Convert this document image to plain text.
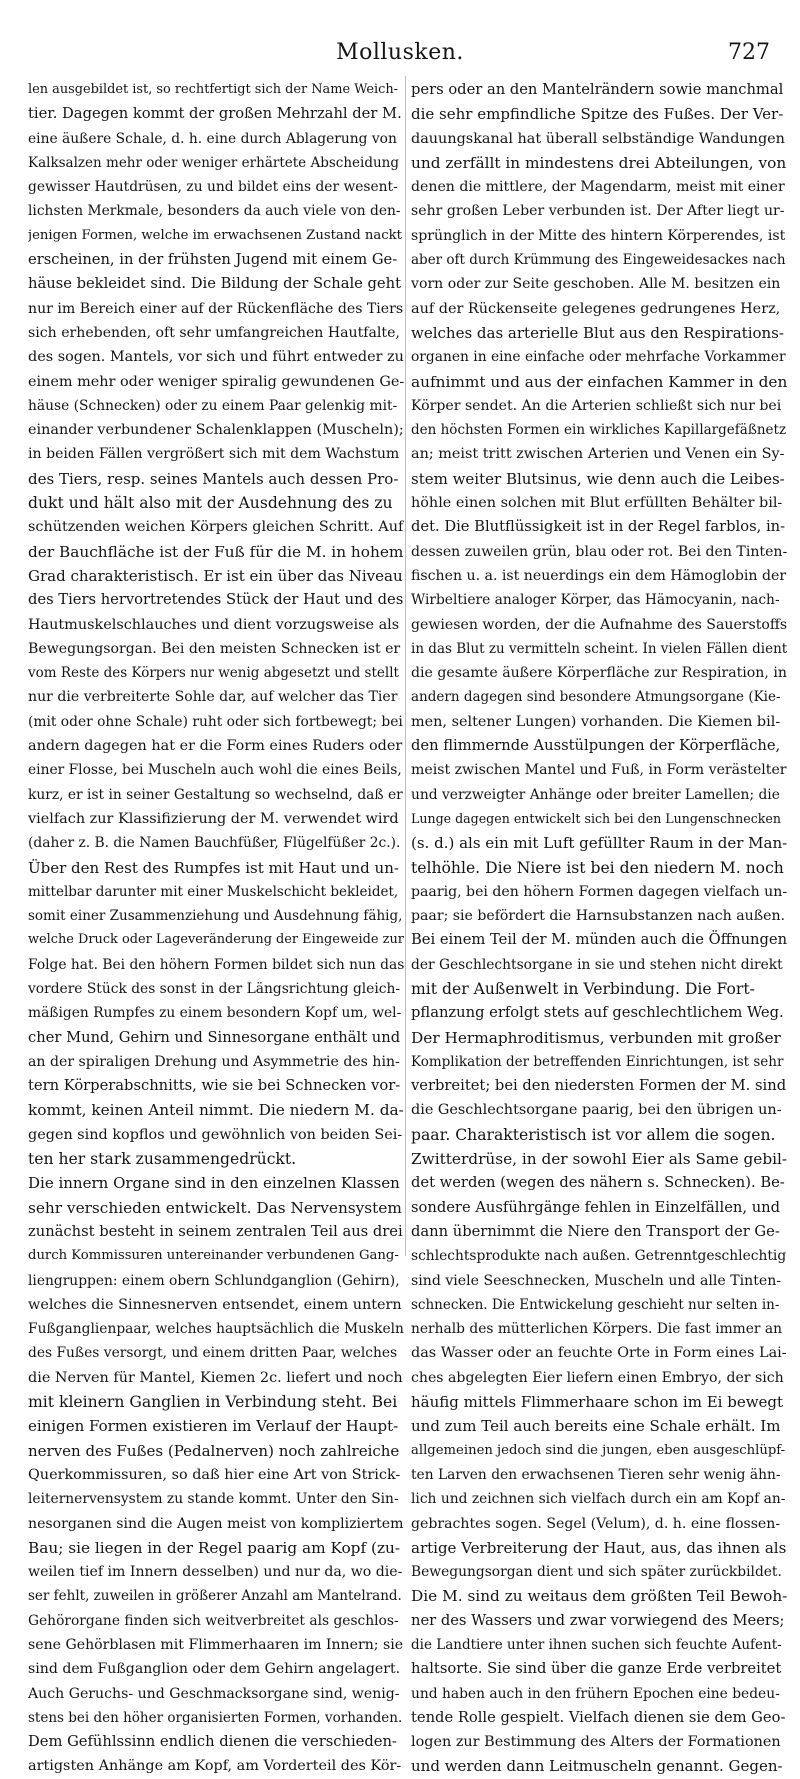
Mollusken.	727
len ausgebildet ist, so rechtfertigt sich der Name Weich-
tier. Dagegen kommt der großen Mehrzahl der M.
eine äußere Schale, d. h. eine durch Ablagerung von
Kalksalzen mehr oder weniger erhärtete Abscheidung
gewisser Hautdrüsen, zu und bildet eins der wesent-
lichsten Merkmale, besonders da auch viele von den-
jenigen Formen, welche im erwachsenen Zustand nackt
erscheinen, in der frühsten Jugend mit einem Ge-
häuse bekleidet sind. Die Bildung der Schale geht
nur im Bereich einer auf der Rückenfläche des Tiers
sich erhebenden, oft sehr umfangreichen Hautfalte,
des sogen. Mantels, vor sich und führt entweder zu
einem mehr oder weniger spiralig gewundenen Ge-
häuse (Schnecken) oder zu einem Paar gelenkig mit-
einander verbundener Schalenklappen (Muscheln);
in beiden Fällen vergrößert sich mit dem Wachstum
des Tiers, resp. seines Mantels auch dessen Pro-
dukt und hält also mit der Ausdehnung des zu
schützenden weichen Körpers gleichen Schritt. Auf
der Bauchfläche ist der Fuß für die M. in hohem
Grad charakteristisch. Er ist ein über das Niveau
des Tiers hervortretendes Stück der Haut und des
Hautmuskelschlauches und dient vorzugsweise als
Bewegungsorgan. Bei den meisten Schnecken ist er
vom Reste des Körpers nur wenig abgesetzt und stellt
nur die verbreiterte Sohle dar, auf welcher das Tier
(mit oder ohne Schale) ruht oder sich fortbewegt; bei
andern dagegen hat er die Form eines Ruders oder
einer Flosse, bei Muscheln auch wohl die eines Beils,
kurz, er ist in seiner Gestaltung so wechselnd, daß er
vielfach zur Klassifizierung der M. verwendet wird
(daher z. B. die Namen Bauchfüßer, Flügelfüßer 2c.).
Über den Rest des Rumpfes ist mit Haut und un-
mittelbar darunter mit einer Muskelschicht bekleidet,
somit einer Zusammenziehung und Ausdehnung fähig,
welche Druck oder Lageveränderung der Eingeweide zur
Folge hat. Bei den höhern Formen bildet sich nun das
vordere Stück des sonst in der Längsrichtung gleich-
mäßigen Rumpfes zu einem besondern Kopf um, wel-
cher Mund, Gehirn und Sinnesorgane enthält und
an der spiraligen Drehung und Asymmetrie des hin-
tern Körperabschnitts, wie sie bei Schnecken vor-
kommt, keinen Anteil nimmt. Die niedern M. da-
gegen sind kopflos und gewöhnlich von beiden Sei-
ten her stark zusammengedrückt.
Die innern Organe sind in den einzelnen Klassen
sehr verschieden entwickelt. Das Nervensystem
zunächst besteht in seinem zentralen Teil aus drei
durch Kommissuren untereinander verbundenen Gang-
liengruppen: einem obern Schlundganglion (Gehirn),
welches die Sinnesnerven entsendet, einem untern
Fußganglienpaar, welches hauptsächlich die Muskeln
des Fußes versorgt, und einem dritten Paar, welches
die Nerven für Mantel, Kiemen 2c. liefert und noch
mit kleinern Ganglien in Verbindung steht. Bei
einigen Formen existieren im Verlauf der Haupt-
nerven des Fußes (Pedalnerven) noch zahlreiche
Querkommissuren, so daß hier eine Art von Strick-
leiternervensystem zu stande kommt. Unter den Sin-
nesorganen sind die Augen meist von kompliziertem
Bau; sie liegen in der Regel paarig am Kopf (zu-
weilen tief im Innern desselben) und nur da, wo die-
ser fehlt, zuweilen in größerer Anzahl am Mantelrand.
Gehörorgane finden sich weitverbreitet als geschlos-
sene Gehörblasen mit Flimmerhaaren im Innern; sie
sind dem Fußganglion oder dem Gehirn angelagert.
Auch Geruchs- und Geschmacksorgane sind, wenig-
stens bei den höher organisierten Formen, vorhanden.
Dem Gefühlssinn endlich dienen die verschieden-
artigsten Anhänge am Kopf, am Vorderteil des Kör-
pers oder an den Mantelrändern sowie manchmal
die sehr empfindliche Spitze des Fußes. Der Ver-
dauungskanal hat überall selbständige Wandungen
und zerfällt in mindestens drei Abteilungen, von
denen die mittlere, der Magendarm, meist mit einer
sehr großen Leber verbunden ist. Der After liegt ur-
sprünglich in der Mitte des hintern Körperendes, ist
aber oft durch Krümmung des Eingeweidesackes nach
vorn oder zur Seite geschoben. Alle M. besitzen ein
auf der Rückenseite gelegenes gedrungenes Herz,
welches das arterielle Blut aus den Respirations-
organen in eine einfache oder mehrfache Vorkammer
aufnimmt und aus der einfachen Kammer in den
Körper sendet. An die Arterien schließt sich nur bei
den höchsten Formen ein wirkliches Kapillargefäßnetz
an; meist tritt zwischen Arterien und Venen ein Sy-
stem weiter Blutsinus, wie denn auch die Leibes-
höhle einen solchen mit Blut erfüllten Behälter bil-
det. Die Blutflüssigkeit ist in der Regel farblos, in-
dessen zuweilen grün, blau oder rot. Bei den Tinten-
fischen u. a. ist neuerdings ein dem Hämoglobin der
Wirbeltiere analoger Körper, das Hämocyanin, nach-
gewiesen worden, der die Aufnahme des Sauerstoffs
in das Blut zu vermitteln scheint. In vielen Fällen dient
die gesamte äußere Körperfläche zur Respiration, in
andern dagegen sind besondere Atmungsorgane (Kie-
men, seltener Lungen) vorhanden. Die Kiemen bil-
den flimmernde Ausstülpungen der Körperfläche,
meist zwischen Mantel und Fuß, in Form verästelter
und verzweigter Anhänge oder breiter Lamellen; die
Lunge dagegen entwickelt sich bei den Lungenschnecken
(s. d.) als ein mit Luft gefüllter Raum in der Man-
telhöhle. Die Niere ist bei den niedern M. noch
paarig, bei den höhern Formen dagegen vielfach un-
paar; sie befördert die Harnsubstanzen nach außen.
Bei einem Teil der M. münden auch die Öffnungen
der Geschlechtsorgane in sie und stehen nicht direkt
mit der Außenwelt in Verbindung. Die Fort-
pflanzung erfolgt stets auf geschlechtlichem Weg.
Der Hermaphroditismus, verbunden mit großer
Komplikation der betreffenden Einrichtungen, ist sehr
verbreitet; bei den niedersten Formen der M. sind
die Geschlechtsorgane paarig, bei den übrigen un-
paar. Charakteristisch ist vor allem die sogen.
Zwitterdrüse, in der sowohl Eier als Same gebil-
det werden (wegen des nähern s. Schnecken). Be-
sondere Ausführgänge fehlen in Einzelfällen, und
dann übernimmt die Niere den Transport der Ge-
schlechtsprodukte nach außen. Getrenntgeschlechtig
sind viele Seeschnecken, Muscheln und alle Tinten-
schnecken. Die Entwickelung geschieht nur selten in-
nerhalb des mütterlichen Körpers. Die fast immer an
das Wasser oder an feuchte Orte in Form eines Lai-
ches abgelegten Eier liefern einen Embryo, der sich
häufig mittels Flimmerhaare schon im Ei bewegt
und zum Teil auch bereits eine Schale erhält. Im
allgemeinen jedoch sind die jungen, eben ausgeschlüpf-
ten Larven den erwachsenen Tieren sehr wenig ähn-
lich und zeichnen sich vielfach durch ein am Kopf an-
gebrachtes sogen. Segel (Velum), d. h. eine flossen-
artige Verbreiterung der Haut, aus, das ihnen als
Bewegungsorgan dient und sich später zurückbildet.
Die M. sind zu weitaus dem größten Teil Bewoh-
ner des Wassers und zwar vorwiegend des Meers;
die Landtiere unter ihnen suchen sich feuchte Aufent-
haltsorte. Sie sind über die ganze Erde verbreitet
und haben auch in den frühern Epochen eine bedeu-
tende Rolle gespielt. Vielfach dienen sie dem Geo-
logen zur Bestimmung des Alters der Formationen
und werden dann Leitmuscheln genannt. Gegen-
